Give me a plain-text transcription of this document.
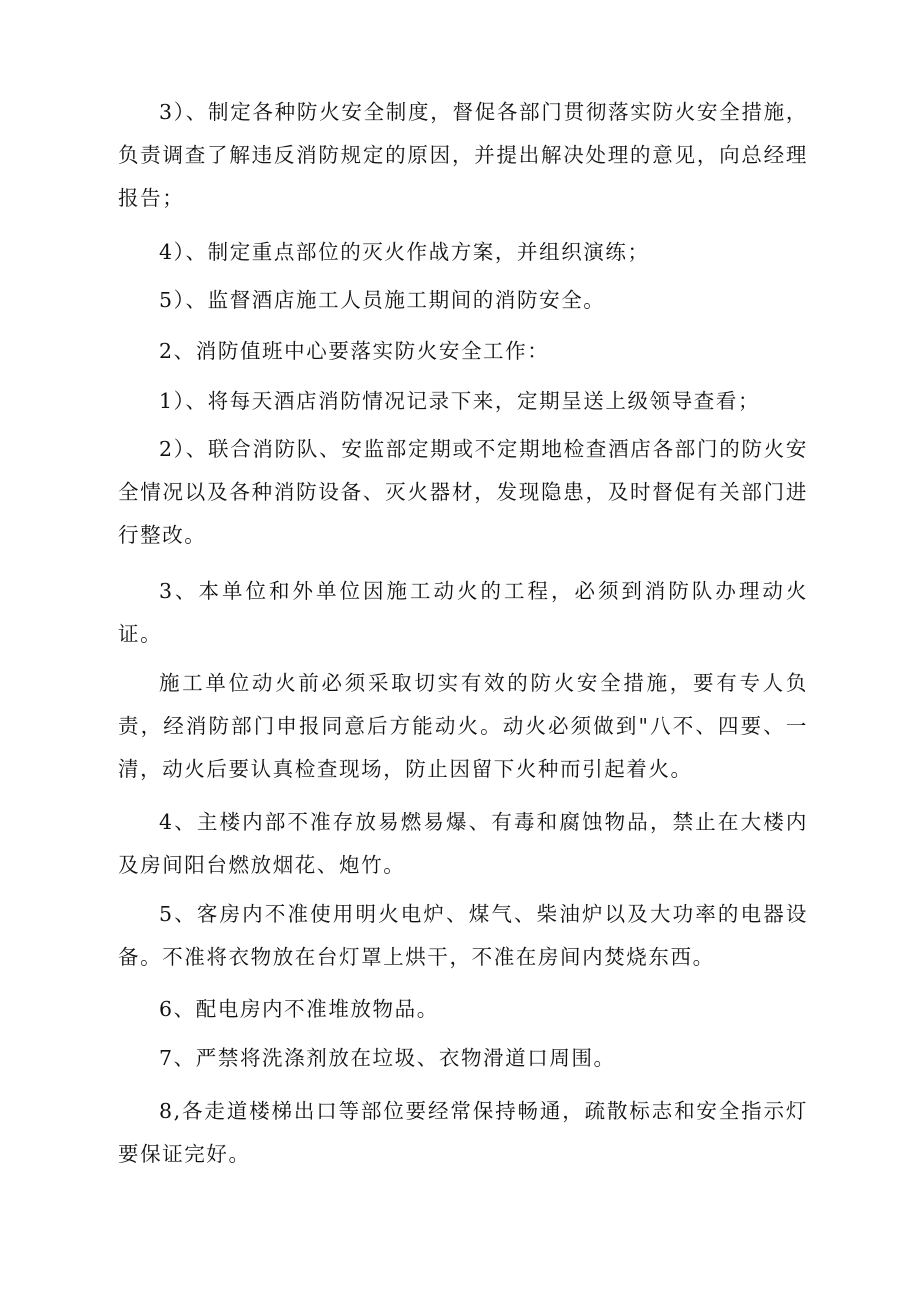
3）、制定各种防火安全制度，督促各部门贯彻落实防火安全措施，负责调查了解违反消防规定的原因，并提出解决处理的意见，向总经理报告；

4）、制定重点部位的灭火作战方案，并组织演练；

5）、监督酒店施工人员施工期间的消防安全。

2、消防值班中心要落实防火安全工作：

1）、将每天酒店消防情况记录下来，定期呈送上级领导查看；

2）、联合消防队、安监部定期或不定期地检查酒店各部门的防火安全情况以及各种消防设备、灭火器材，发现隐患，及时督促有关部门进行整改。

3、本单位和外单位因施工动火的工程，必须到消防队办理动火证。

施工单位动火前必须采取切实有效的防火安全措施，要有专人负责，经消防部门申报同意后方能动火。动火必须做到"八不、四要、一清，动火后要认真检查现场，防止因留下火种而引起着火。

4、主楼内部不准存放易燃易爆、有毒和腐蚀物品，禁止在大楼内及房间阳台燃放烟花、炮竹。

5、客房内不准使用明火电炉、煤气、柴油炉以及大功率的电器设备。不准将衣物放在台灯罩上烘干，不准在房间内焚烧东西。

6、配电房内不准堆放物品。

7、严禁将洗涤剂放在垃圾、衣物滑道口周围。

8,各走道楼梯出口等部位要经常保持畅通，疏散标志和安全指示灯要保证完好。
